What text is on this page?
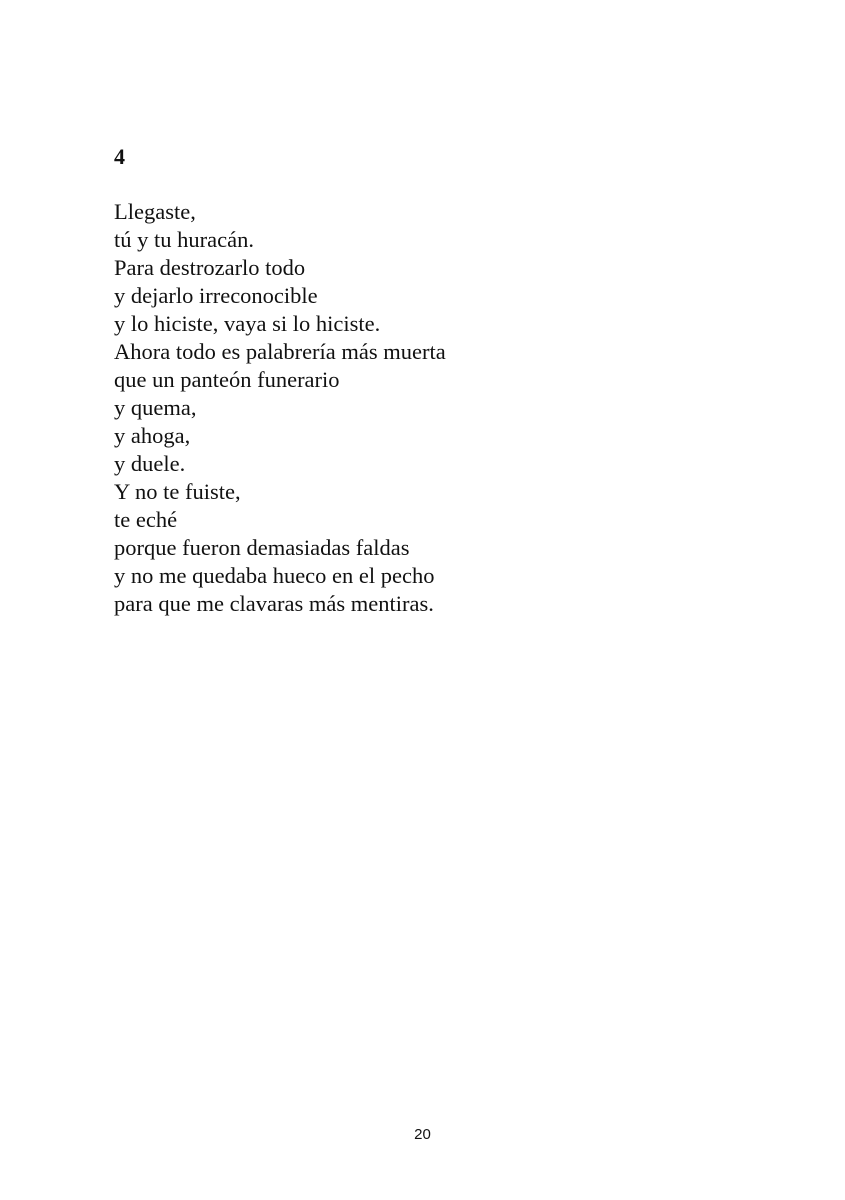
4
Llegaste,
tú y tu huracán.
Para destrozarlo todo
y dejarlo irreconocible
y lo hiciste, vaya si lo hiciste.
Ahora todo es palabrería más muerta
que un panteón funerario
y quema,
y ahoga,
y duele.
Y no te fuiste,
te eché
porque fueron demasiadas faldas
y no me quedaba hueco en el pecho
para que me clavaras más mentiras.
20
